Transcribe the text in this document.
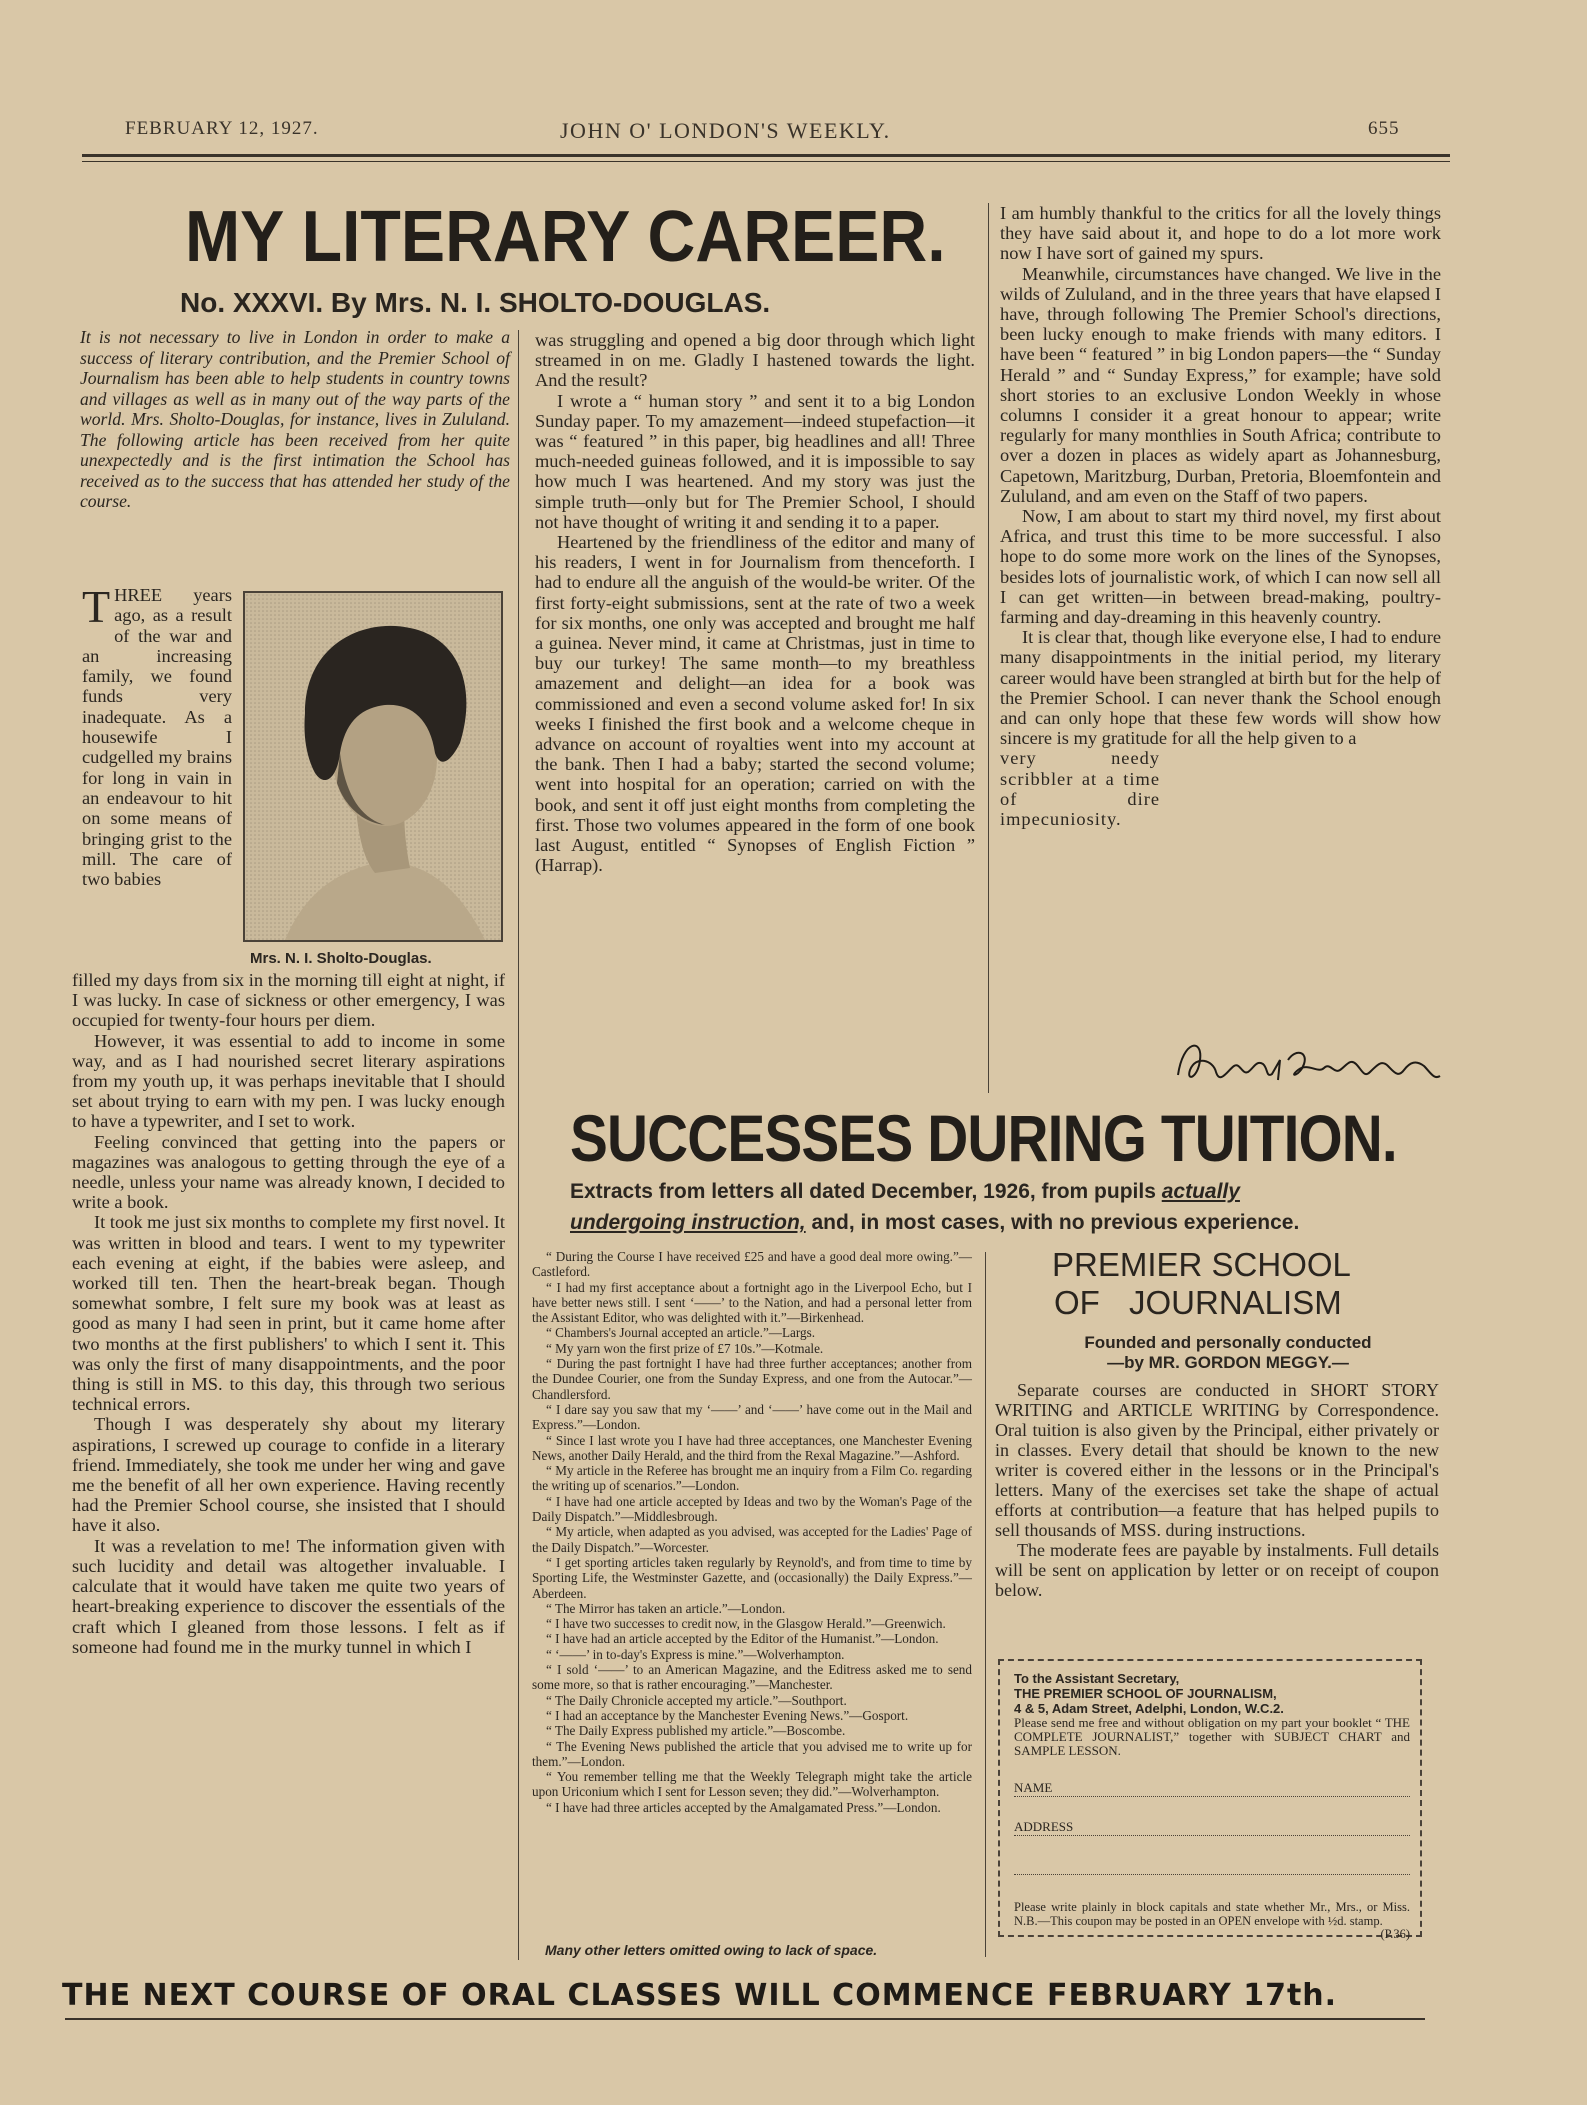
FEBRUARY 12, 1927.	JOHN O' LONDON'S WEEKLY.	655
MY LITERARY CAREER.
No. XXXVI. By Mrs. N. I. SHOLTO-DOUGLAS.
It is not necessary to live in London in order to make a success of literary contribution, and the Premier School of Journalism has been able to help students in country towns and villages as well as in many out of the way parts of the world. Mrs. Sholto-Douglas, for instance, lives in Zululand. The following article has been received from her quite unexpectedly and is the first intimation the School has received as to the success that has attended her study of the course.
THREE years ago, as a result of the war and an increasing family, we found funds very inadequate. As a housewife I cudgelled my brains for long in vain in an endeavour to hit on some means of bringing grist to the mill. The care of two babies
Mrs. N. I. Sholto-Douglas.

filled my days from six in the morning till eight at night, if I was lucky. In case of sickness or other emergency, I was occupied for twenty-four hours per diem.

However, it was essential to add to income in some way, and as I had nourished secret literary aspirations from my youth up, it was perhaps inevitable that I should set about trying to earn with my pen. I was lucky enough to have a typewriter, and I set to work.

Feeling convinced that getting into the papers or magazines was analogous to getting through the eye of a needle, unless your name was already known, I decided to write a book.

It took me just six months to complete my first novel. It was written in blood and tears. I went to my typewriter each evening at eight, if the babies were asleep, and worked till ten. Then the heart-break began. Though somewhat sombre, I felt sure my book was at least as good as many I had seen in print, but it came home after two months at the first publishers' to which I sent it. This was only the first of many disappointments, and the poor thing is still in MS. to this day, this through two serious technical errors.

Though I was desperately shy about my literary aspirations, I screwed up courage to confide in a literary friend. Immediately, she took me under her wing and gave me the benefit of all her own experience. Having recently had the Premier School course, she insisted that I should have it also.

It was a revelation to me! The information given with such lucidity and detail was altogether invaluable. I calculate that it would have taken me quite two years of heart-breaking experience to discover the essentials of the craft which I gleaned from those lessons. I felt as if someone had found me in the murky tunnel in which I

was struggling and opened a big door through which light streamed in on me. Gladly I hastened towards the light. And the result?

I wrote a “ human story ” and sent it to a big London Sunday paper. To my amazement—indeed stupefaction—it was “ featured ” in this paper, big headlines and all! Three much-needed guineas followed, and it is impossible to say how much I was heartened. And my story was just the simple truth—only but for The Premier School, I should not have thought of writing it and sending it to a paper.

Heartened by the friendliness of the editor and many of his readers, I went in for Journalism from thenceforth. I had to endure all the anguish of the would-be writer. Of the first forty-eight submissions, sent at the rate of two a week for six months, one only was accepted and brought me half a guinea. Never mind, it came at Christmas, just in time to buy our turkey! The same month—to my breathless amazement and delight—an idea for a book was commissioned and even a second volume asked for! In six weeks I finished the first book and a welcome cheque in advance on account of royalties went into my account at the bank. Then I had a baby; started the second volume; went into hospital for an operation; carried on with the book, and sent it off just eight months from completing the first. Those two volumes appeared in the form of one book last August, entitled “ Synopses of English Fiction ” (Harrap).

I am humbly thankful to the critics for all the lovely things they have said about it, and hope to do a lot more work now I have sort of gained my spurs.

Meanwhile, circumstances have changed. We live in the wilds of Zululand, and in the three years that have elapsed I have, through following The Premier School's directions, been lucky enough to make friends with many editors. I have been “ featured ” in big London papers—the “ Sunday Herald ” and “ Sunday Express,” for example; have sold short stories to an exclusive London Weekly in whose columns I consider it a great honour to appear; write regularly for many monthlies in South Africa; contribute to over a dozen in places as widely apart as Johannesburg, Capetown, Maritzburg, Durban, Pretoria, Bloemfontein and Zululand, and am even on the Staff of two papers.

Now, I am about to start my third novel, my first about Africa, and trust this time to be more successful. I also hope to do some more work on the lines of the Synopses, besides lots of journalistic work, of which I can now sell all I can get written—in between bread-making, poultry-farming and day-dreaming in this heavenly country.

It is clear that, though like everyone else, I had to endure many disappointments in the initial period, my literary career would have been strangled at birth but for the help of the Premier School. I can never thank the School enough and can only hope that these few words will show how sincere is my gratitude for all the help given to a

very needy scribbler at a time of dire impecuniosity.

SUCCESSES DURING TUITION.
Extracts from letters all dated December, 1926, from pupils actually
undergoing instruction, and, in most cases, with no previous experience.

“ During the Course I have received £25 and have a good deal more owing.”—Castleford.

“ I had my first acceptance about a fortnight ago in the Liverpool Echo, but I have better news still. I sent ‘——’ to the Nation, and had a personal letter from the Assistant Editor, who was delighted with it.”—Birkenhead.

“ Chambers's Journal accepted an article.”—Largs.

“ My yarn won the first prize of £7 10s.”—Kotmale.

“ During the past fortnight I have had three further acceptances; another from the Dundee Courier, one from the Sunday Express, and one from the Autocar.”—Chandlersford.

“ I dare say you saw that my ‘——’ and ‘——’ have come out in the Mail and Express.”—London.

“ Since I last wrote you I have had three acceptances, one Manchester Evening News, another Daily Herald, and the third from the Rexal Magazine.”—Ashford.

“ My article in the Referee has brought me an inquiry from a Film Co. regarding the writing up of scenarios.”—London.

“ I have had one article accepted by Ideas and two by the Woman's Page of the Daily Dispatch.”—Middlesbrough.

“ My article, when adapted as you advised, was accepted for the Ladies' Page of the Daily Dispatch.”—Worcester.

“ I get sporting articles taken regularly by Reynold's, and from time to time by Sporting Life, the Westminster Gazette, and (occasionally) the Daily Express.”—Aberdeen.

“ The Mirror has taken an article.”—London.

“ I have two successes to credit now, in the Glasgow Herald.”—Greenwich.

“ I have had an article accepted by the Editor of the Humanist.”—London.

“ ‘——’ in to-day's Express is mine.”—Wolverhampton.

“ I sold ‘——’ to an American Magazine, and the Editress asked me to send some more, so that is rather encouraging.”—Manchester.

“ The Daily Chronicle accepted my article.”—Southport.

“ I had an acceptance by the Manchester Evening News.”—Gosport.

“ The Daily Express published my article.”—Boscombe.

“ The Evening News published the article that you advised me to write up for them.”—London.

“ You remember telling me that the Weekly Telegraph might take the article upon Uriconium which I sent for Lesson seven; they did.”—Wolverhampton.

“ I have had three articles accepted by the Amalgamated Press.”—London.

Many other letters omitted owing to lack of space.
PREMIER SCHOOL
OF JOURNALISM
Founded and personally conducted
—by MR. GORDON MEGGY.—

Separate courses are conducted in SHORT STORY WRITING and ARTICLE WRITING by Correspondence. Oral tuition is also given by the Principal, either privately or in classes. Every detail that should be known to the new writer is covered either in the lessons or in the Principal's letters. Many of the exercises set take the shape of actual efforts at contribution—a feature that has helped pupils to sell thousands of MSS. during instructions.

The moderate fees are payable by instalments. Full details will be sent on application by letter or on receipt of coupon below.

To the Assistant Secretary,
THE PREMIER SCHOOL OF JOURNALISM,
4 & 5, Adam Street, Adelphi, London, W.C.2.
Please send me free and without obligation on my part your booklet “ THE COMPLETE JOURNALIST,” together with SUBJECT CHART and SAMPLE LESSON.
NAME
ADDRESS
Please write plainly in block capitals and state whether Mr., Mrs., or Miss. N.B.—This coupon may be posted in an OPEN envelope with ½d. stamp.
(P.36)
THE NEXT COURSE OF ORAL CLASSES WILL COMMENCE FEBRUARY 17th.
